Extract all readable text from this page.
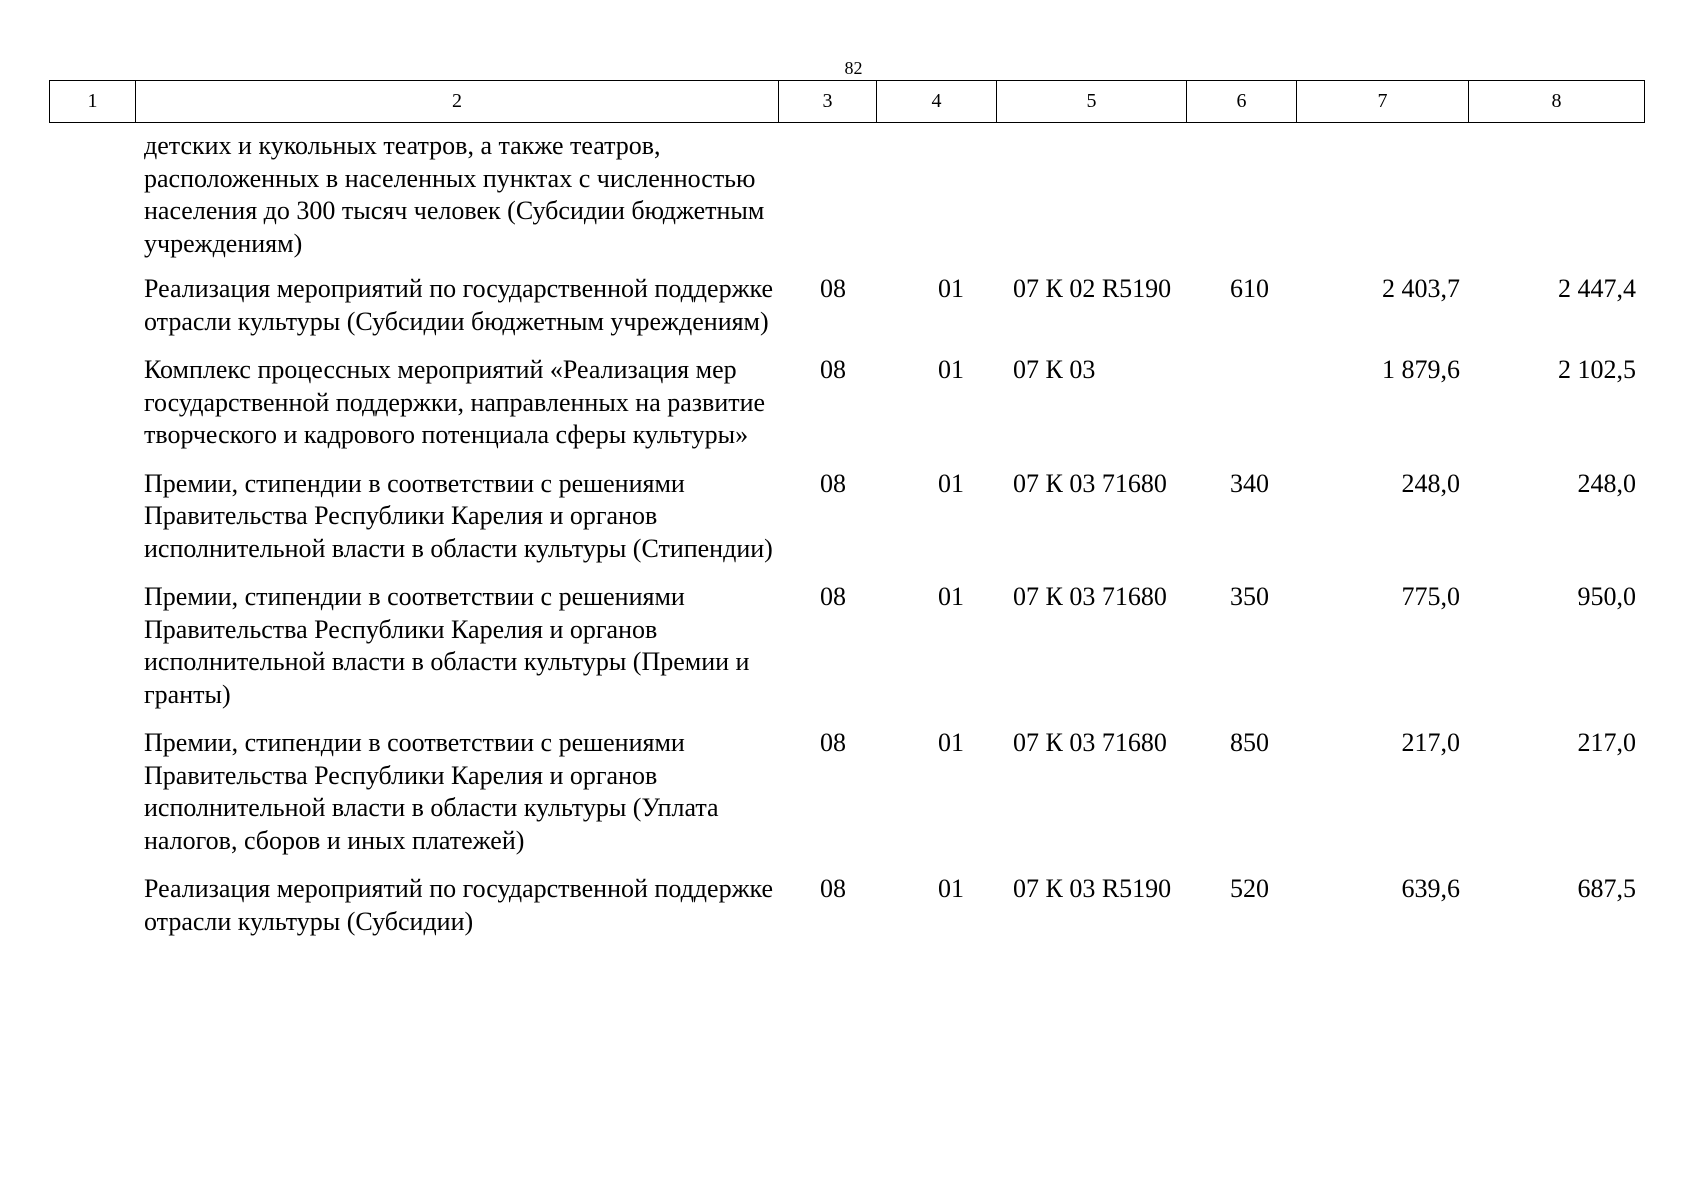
82
1	2	3	4	5	6	7	8
детских и кукольных театров, а также театров, расположенных в населенных пунктах с численностью населения до 300 тысяч человек (Субсидии бюджетным учреждениям)						
Реализация мероприятий по государственной поддержке отрасли культуры (Субсидии бюджетным учреждениям)	08	01	07 К 02 R5190	610	2 403,7	2 447,4
Комплекс процессных мероприятий «Реализация мер государственной поддержки, направленных на развитие творческого и кадрового потенциала сферы культуры»	08	01	07 К 03		1 879,6	2 102,5
Премии, стипендии в соответствии с решениями Правительства Республики Карелия и органов исполнительной власти в области культуры (Стипендии)	08	01	07 К 03 71680	340	248,0	248,0
Премии, стипендии в соответствии с решениями Правительства Республики Карелия и органов исполнительной власти в области культуры (Премии и гранты)	08	01	07 К 03 71680	350	775,0	950,0
Премии, стипендии в соответствии с решениями Правительства Республики Карелия и органов исполнительной власти в области культуры (Уплата налогов, сборов и иных платежей)	08	01	07 К 03 71680	850	217,0	217,0
Реализация мероприятий по государственной поддержке отрасли культуры (Субсидии)	08	01	07 К 03 R5190	520	639,6	687,5
